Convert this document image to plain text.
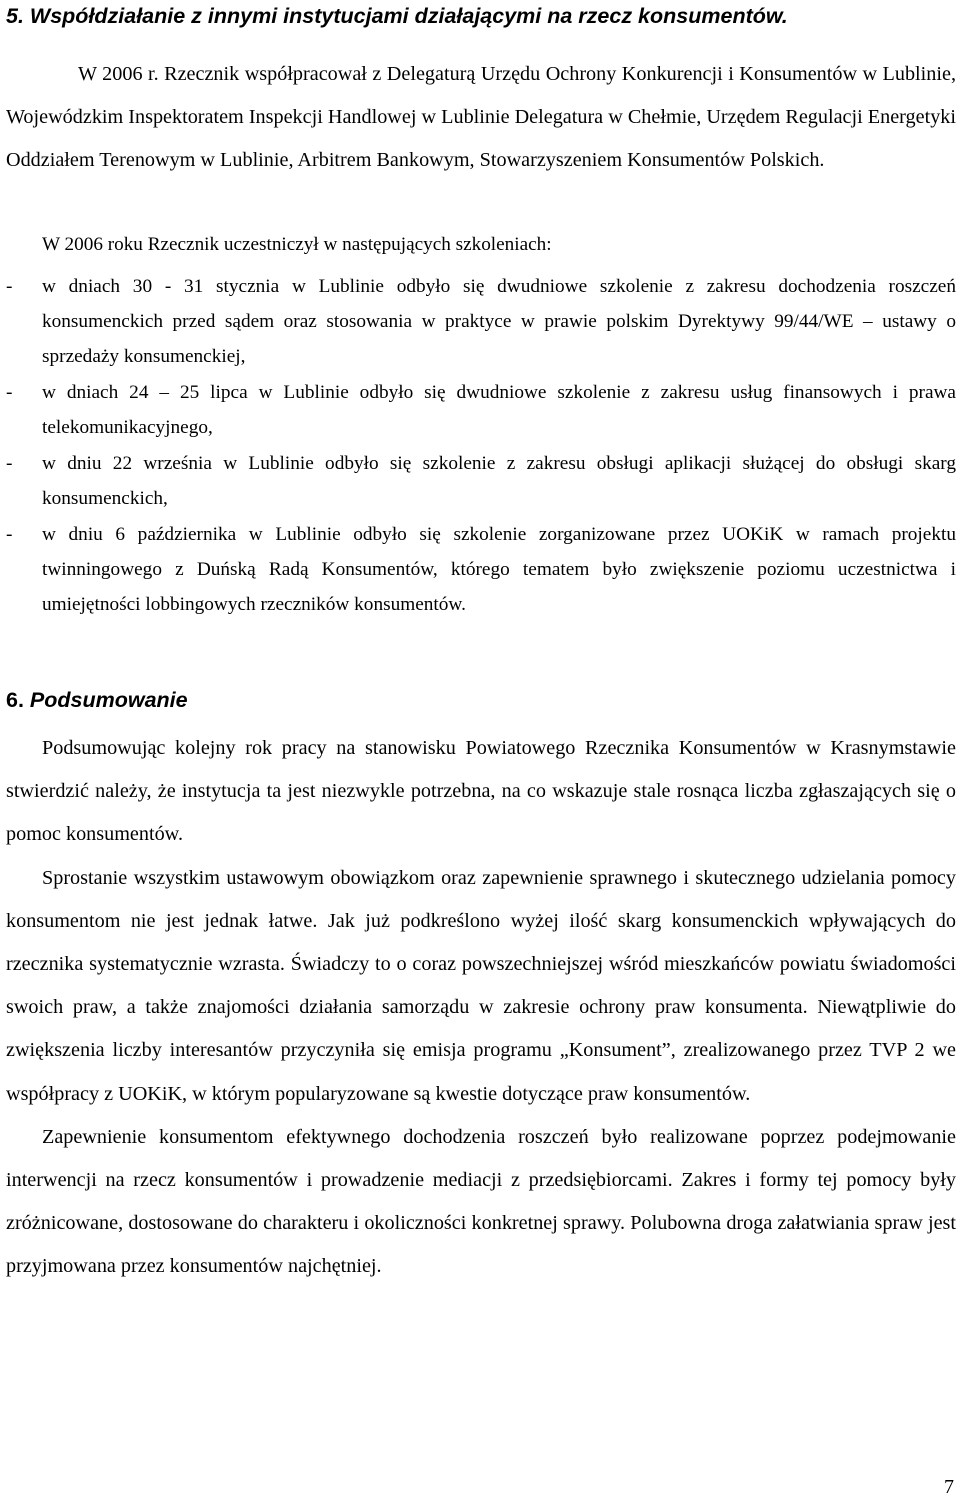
5. Współdziałanie z innymi instytucjami działającymi na rzecz konsumentów.

W 2006 r. Rzecznik współpracował z Delegaturą Urzędu Ochrony Konkurencji i Konsumentów w Lublinie, Wojewódzkim Inspektoratem Inspekcji Handlowej w Lublinie Delegatura w Chełmie, Urzędem Regulacji Energetyki Oddziałem Terenowym w Lublinie, Arbitrem Bankowym, Stowarzyszeniem Konsumentów Polskich.

W 2006 roku Rzecznik uczestniczył w następujących szkoleniach:

- w dniach 30 - 31 stycznia w Lublinie odbyło się dwudniowe szkolenie z zakresu dochodzenia roszczeń konsumenckich przed sądem oraz stosowania w praktyce w prawie polskim Dyrektywy 99/44/WE – ustawy o sprzedaży konsumenckiej,
- w dniach 24 – 25 lipca w Lublinie odbyło się dwudniowe szkolenie z zakresu usług finansowych i prawa telekomunikacyjnego,
- w dniu 22 września w Lublinie odbyło się szkolenie z zakresu obsługi aplikacji służącej do obsługi skarg konsumenckich,
- w dniu 6 października w Lublinie odbyło się szkolenie zorganizowane przez UOKiK w ramach projektu twinningowego z Duńską Radą Konsumentów, którego tematem było zwiększenie poziomu uczestnictwa i umiejętności lobbingowych rzeczników konsumentów.
6. Podsumowanie

Podsumowując kolejny rok pracy na stanowisku Powiatowego Rzecznika Konsumentów w Krasnymstawie stwierdzić należy, że instytucja ta jest niezwykle potrzebna, na co wskazuje stale rosnąca liczba zgłaszających się o pomoc konsumentów.

Sprostanie wszystkim ustawowym obowiązkom oraz zapewnienie sprawnego i skutecznego udzielania pomocy konsumentom nie jest jednak łatwe. Jak już podkreślono wyżej ilość skarg konsumenckich wpływających do rzecznika systematycznie wzrasta. Świadczy to o coraz powszechniejszej wśród mieszkańców powiatu świadomości swoich praw, a także znajomości działania samorządu w zakresie ochrony praw konsumenta. Niewątpliwie do zwiększenia liczby interesantów przyczyniła się emisja programu „Konsument”, zrealizowanego przez TVP 2 we współpracy z UOKiK, w którym popularyzowane są kwestie dotyczące praw konsumentów.

Zapewnienie konsumentom efektywnego dochodzenia roszczeń było realizowane poprzez podejmowanie interwencji na rzecz konsumentów i prowadzenie mediacji z przedsiębiorcami. Zakres i formy tej pomocy były zróżnicowane, dostosowane do charakteru i okoliczności konkretnej sprawy. Polubowna droga załatwiania spraw jest przyjmowana przez konsumentów najchętniej.

7
